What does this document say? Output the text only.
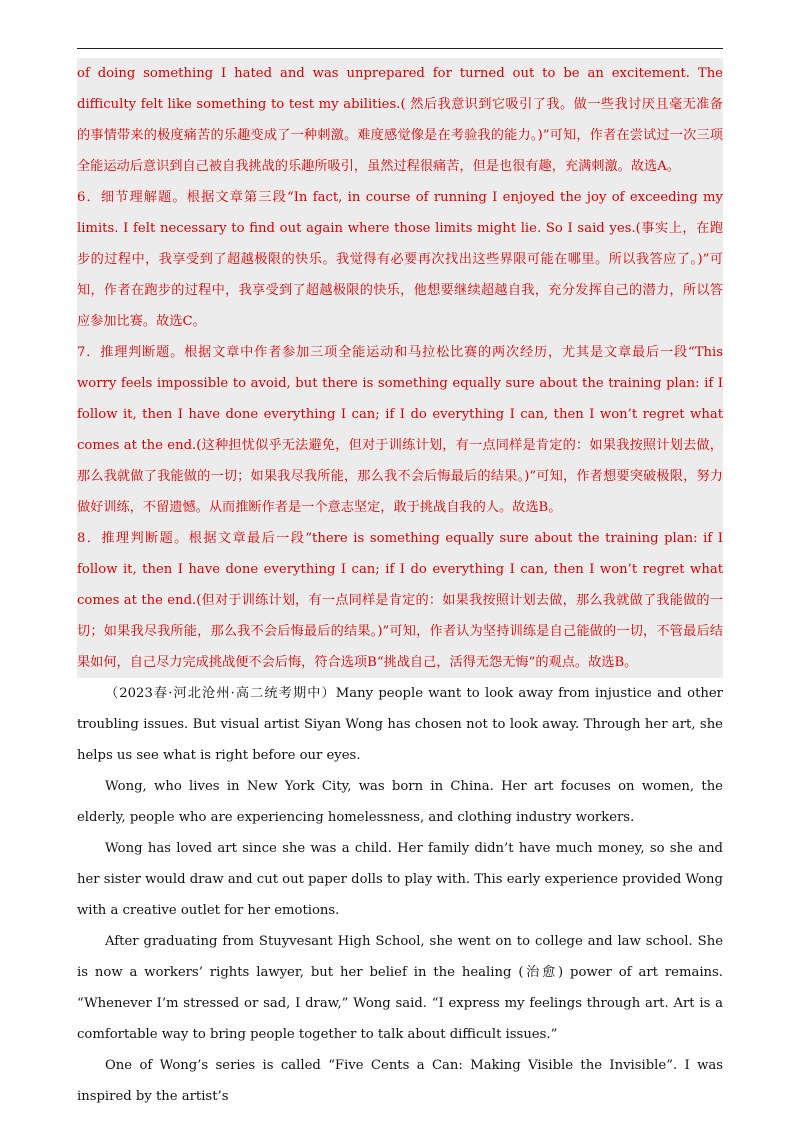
of doing something I hated and was unprepared for turned out to be an excitement. The difficulty felt like something to test my abilities.( 然后我意识到它吸引了我。做一些我讨厌且毫无准备的事情带来的极度痛苦的乐趣变成了一种刺激。难度感觉像是在考验我的能力。)”可知，作者在尝试过一次三项全能运动后意识到自己被自我挑战的乐趣所吸引，虽然过程很痛苦，但是也很有趣，充满刺激。故选A。

6．细节理解题。根据文章第三段“In fact, in course of running I enjoyed the joy of exceeding my limits. I felt necessary to find out again where those limits might lie. So I said yes.(事实上，在跑步的过程中，我享受到了超越极限的快乐。我觉得有必要再次找出这些界限可能在哪里。所以我答应了。)”可知，作者在跑步的过程中，我享受到了超越极限的快乐，他想要继续超越自我，充分发挥自己的潜力，所以答应参加比赛。故选C。

7．推理判断题。根据文章中作者参加三项全能运动和马拉松比赛的两次经历，尤其是文章最后一段“This worry feels impossible to avoid, but there is something equally sure about the training plan: if I follow it, then I have done everything I can; if I do everything I can, then I won’t regret what comes at the end.(这种担忧似乎无法避免，但对于训练计划，有一点同样是肯定的：如果我按照计划去做，那么我就做了我能做的一切；如果我尽我所能，那么我不会后悔最后的结果。)”可知，作者想要突破极限，努力做好训练，不留遗憾。从而推断作者是一个意志坚定，敢于挑战自我的人。故选B。

8．推理判断题。根据文章最后一段“there is something equally sure about the training plan: if I follow it, then I have done everything I can; if I do everything I can, then I won’t regret what comes at the end.(但对于训练计划，有一点同样是肯定的：如果我按照计划去做，那么我就做了我能做的一切；如果我尽我所能，那么我不会后悔最后的结果。)”可知，作者认为坚持训练是自己能做的一切，不管最后结果如何，自己尽力完成挑战便不会后悔，符合选项B“挑战自己，活得无怨无悔”的观点。故选B。

（2023春·河北沧州·高二统考期中）Many people want to look away from injustice and other troubling issues. But visual artist Siyan Wong has chosen not to look away. Through her art, she helps us see what is right before our eyes.

Wong, who lives in New York City, was born in China. Her art focuses on women, the elderly, people who are experiencing homelessness, and clothing industry workers.

Wong has loved art since she was a child. Her family didn’t have much money, so she and her sister would draw and cut out paper dolls to play with. This early experience provided Wong with a creative outlet for her emotions.

After graduating from Stuyvesant High School, she went on to college and law school. She is now a workers’ rights lawyer, but her belief in the healing (治愈) power of art remains. “Whenever I’m stressed or sad, I draw,” Wong said. “I express my feelings through art. Art is a comfortable way to bring people together to talk about difficult issues.”

One of Wong’s series is called “Five Cents a Can: Making Visible the Invisible”. I was inspired by the artist’s
